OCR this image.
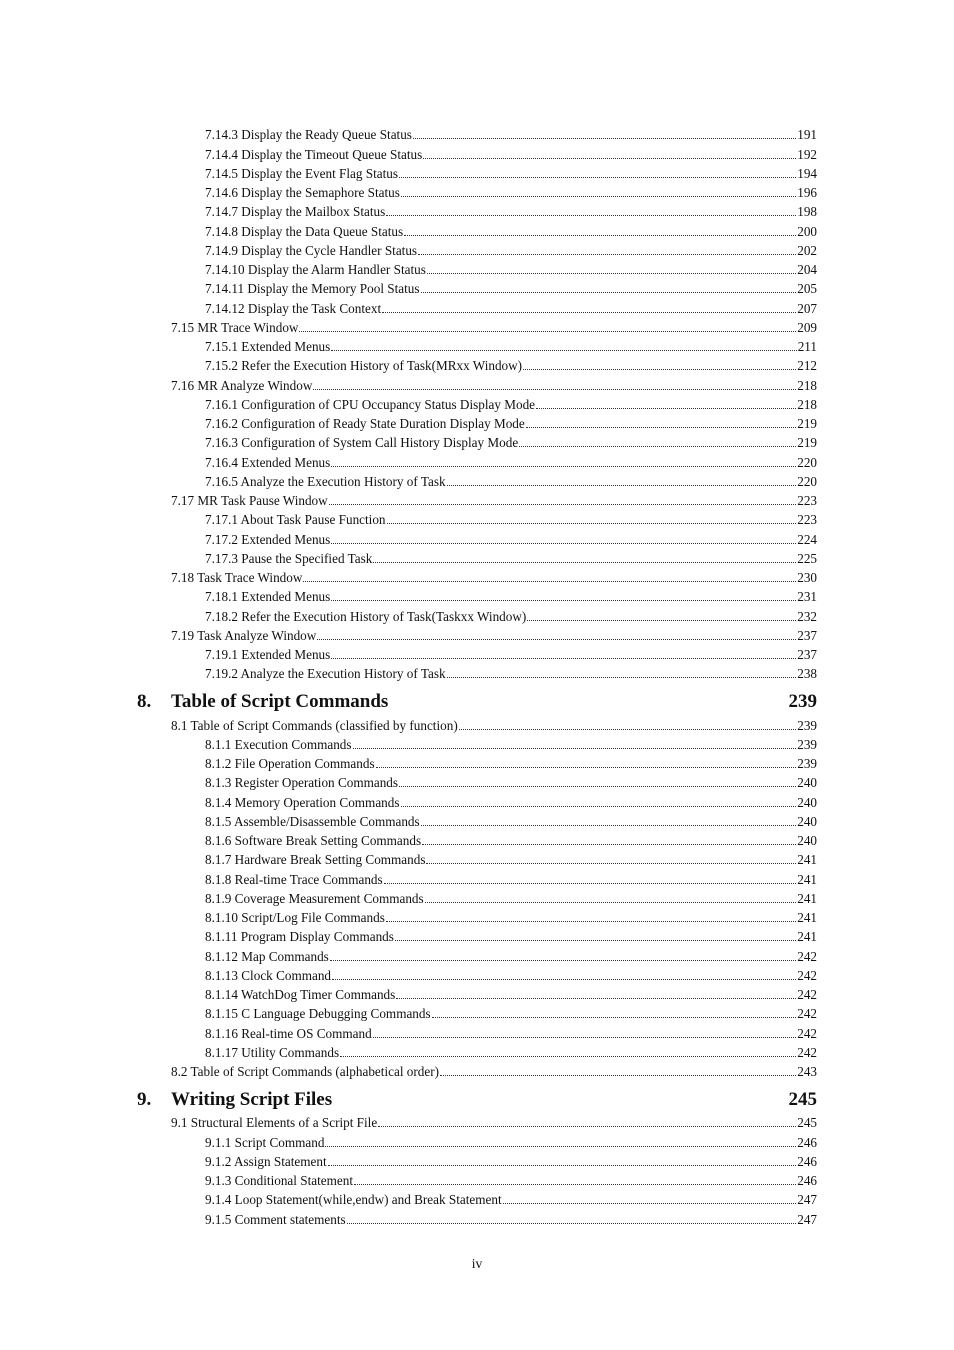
7.14.3 Display the Ready Queue Status	191
7.14.4 Display the Timeout Queue Status	192
7.14.5 Display the Event Flag Status	194
7.14.6 Display the Semaphore Status	196
7.14.7 Display the Mailbox Status	198
7.14.8 Display the Data Queue Status	200
7.14.9 Display the Cycle Handler Status	202
7.14.10 Display the Alarm Handler Status	204
7.14.11 Display the Memory Pool Status	205
7.14.12 Display the Task Context	207
7.15 MR Trace Window	209
7.15.1 Extended Menus	211
7.15.2 Refer the Execution History of Task(MRxx Window)	212
7.16 MR Analyze Window	218
7.16.1 Configuration of CPU Occupancy Status Display Mode	218
7.16.2 Configuration of Ready State Duration Display Mode	219
7.16.3 Configuration of System Call History Display Mode	219
7.16.4 Extended Menus	220
7.16.5 Analyze the Execution History of Task	220
7.17 MR Task Pause Window	223
7.17.1 About Task Pause Function	223
7.17.2 Extended Menus	224
7.17.3 Pause the Specified Task	225
7.18 Task Trace Window	230
7.18.1 Extended Menus	231
7.18.2 Refer the Execution History of Task(Taskxx Window)	232
7.19 Task Analyze Window	237
7.19.1 Extended Menus	237
7.19.2 Analyze the Execution History of Task	238
8.	Table of Script Commands	239
8.1 Table of Script Commands (classified by function)	239
8.1.1 Execution Commands	239
8.1.2 File Operation Commands	239
8.1.3 Register Operation Commands	240
8.1.4 Memory Operation Commands	240
8.1.5 Assemble/Disassemble Commands	240
8.1.6 Software Break Setting Commands	240
8.1.7 Hardware Break Setting Commands	241
8.1.8 Real-time Trace Commands	241
8.1.9 Coverage Measurement Commands	241
8.1.10 Script/Log File Commands	241
8.1.11 Program Display Commands	241
8.1.12 Map Commands	242
8.1.13 Clock Command	242
8.1.14 WatchDog Timer Commands	242
8.1.15 C Language Debugging Commands	242
8.1.16 Real-time OS Command	242
8.1.17 Utility Commands	242
8.2 Table of Script Commands (alphabetical order)	243
9.	Writing Script Files	245
9.1 Structural Elements of a Script File	245
9.1.1 Script Command	246
9.1.2 Assign Statement	246
9.1.3 Conditional Statement	246
9.1.4 Loop Statement(while,endw) and Break Statement	247
9.1.5 Comment statements	247
iv
